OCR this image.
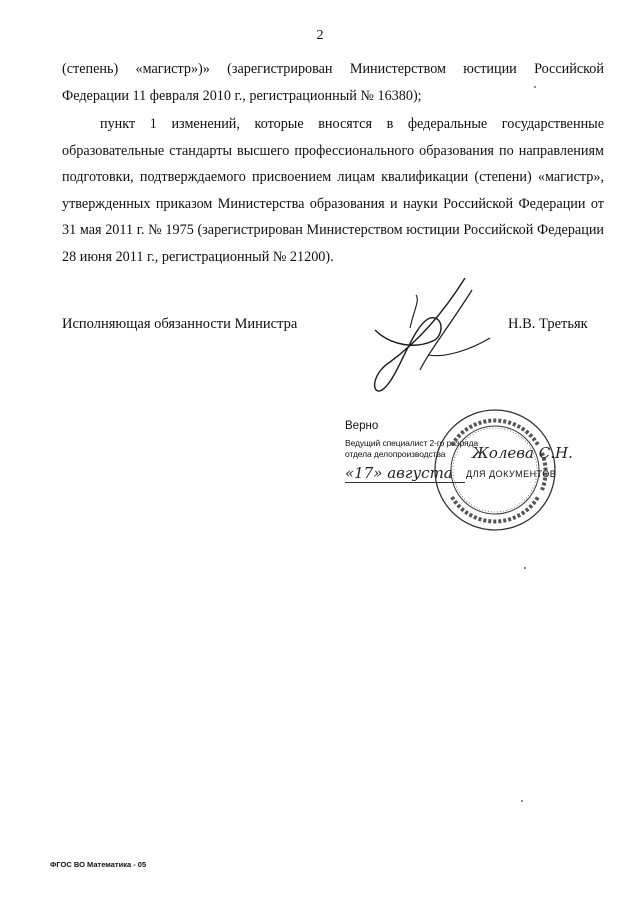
2

(степень) «магистр»)» (зарегистрирован Министерством юстиции Российской Федерации 11 февраля 2010 г., регистрационный № 16380);

пункт 1 изменений, которые вносятся в федеральные государственные образовательные стандарты высшего профессионального образования по направлениям подготовки, подтверждаемого присвоением лицам квалификации (степени) «магистр», утвержденных приказом Министерства образования и науки Российской Федерации от 31 мая 2011 г. № 1975 (зарегистрирован Министерством юстиции Российской Федерации 28 июня 2011 г., регистрационный № 21200).

Исполняющая обязанности Министра	Н.В. Третьяк
Верно
Ведущий специалист 2-го разряда
отдела делопроизводства
ДЛЯ ДОКУМЕНТОВ
Жолева С.Н.
«17» августа
ФГОС ВО Математика - 05
